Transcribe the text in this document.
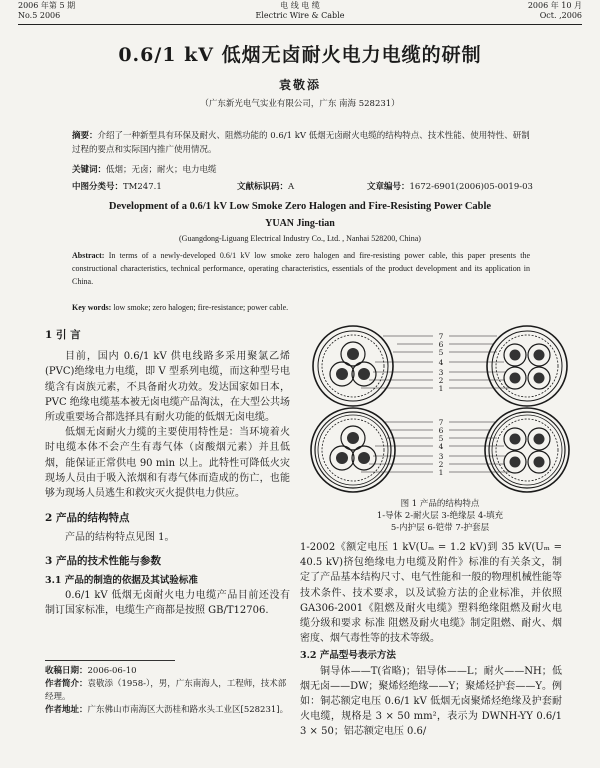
2006 年第 5 期
No.5 2006
电 线 电 缆
Electric Wire & Cable
2006 年 10 月
Oct. ,2006
0.6/1 kV 低烟无卤耐火电力电缆的研制
袁敬添
（广东新光电气实业有限公司，广东 南海 528231）
摘要：介绍了一种新型具有环保及耐火、阻燃功能的 0.6/1 kV 低烟无卤耐火电缆的结构特点、技术性能、使用特性、研制过程的要点和实际国内推广使用情况。
关键词：低烟；无卤；耐火；电力电缆
中图分类号：TM247.1	文献标识码：A	文章编号：1672-6901(2006)05-0019-03
Development of a 0.6/1 kV Low Smoke Zero Halogen and Fire-Resisting Power Cable
YUAN Jing-tian
(Guangdong-Liguang Electrical Industry Co., Ltd. , Nanhai 528200, China)
Abstract: In terms of a newly-developed 0.6/1 kV low smoke zero halogen and fire-resisting power cable, this paper presents the constructional characteristics, technical performance, operating characteristics, essentials of the product development and its application in China.
Key words: low smoke; zero halogen; fire-resistance; power cable.
1 引 言

目前，国内 0.6/1 kV 供电线路多采用聚氯乙烯(PVC)绝缘电力电缆，即 V 型系列电缆，而这种型号电缆含有卤族元素，不具备耐火功效。发达国家如日本，PVC 绝缘电缆基本被无卤电缆产品淘汰，在大型公共场所或重要场合都选择具有耐火功能的低烟无卤电缆。

低烟无卤耐火力缆的主要使用特性是：当环境着火时电缆本体不会产生有毒气体（卤酸烟元素）并且低烟，能保证正常供电 90 min 以上。此特性可降低火灾现场人员由于吸入浓烟和有毒气体而造成的伤亡，也能够为现场人员逃生和救灾灭火提供电力供应。

2 产品的结构特点

产品的结构特点见图 1。

3 产品的技术性能与参数
3.1 产品的制造的依据及其试验标准

0.6/1 kV 低烟无卤耐火电力电缆产品目前还没有制订国家标准，电缆生产商都是按照 GB/T12706.

7
6
5
4
3
2
1
7
6
5
4
3
2
1
图 1 产品的结构特点
1-导体 2-耐火层 3-绝缘层 4-填充
5-内护层 6-铠带 7-护套层

1-2002《额定电压 1 kV(Uₘ = 1.2 kV)到 35 kV(Uₘ = 40.5 kV)挤包绝缘电力电缆及附件》标准的有关条文，制定了产品基本结构尺寸、电气性能和一般的物理机械性能等技术条件、技术要求，以及试验方法的企业标准，并依照 GA306-2001《阻燃及耐火电缆》塑料绝缘阻燃及耐火电缆分级和要求 标准 阻燃及耐火电缆》制定阻燃、耐火、烟密度、烟气毒性等的技术等级。

3.2 产品型号表示方法

铜导体——T(省略)；铝导体——L；耐火——NH；低烟无卤——DW；聚烯烃绝缘——Y；聚烯烃护套——Y。例如：铜芯额定电压 0.6/1 kV 低烟无卤聚烯烃绝缘及护套耐火电缆，规格是 3 × 50 mm²，表示为 DWNH-YY 0.6/1 3 × 50；铝芯额定电压 0.6/

收稿日期：2006-06-10
作者简介：袁敬添（1958-），男，广东南海人，工程师，技术部经理。
作者地址：广东佛山市南海区大沥桂和路水头工业区[528231]。
